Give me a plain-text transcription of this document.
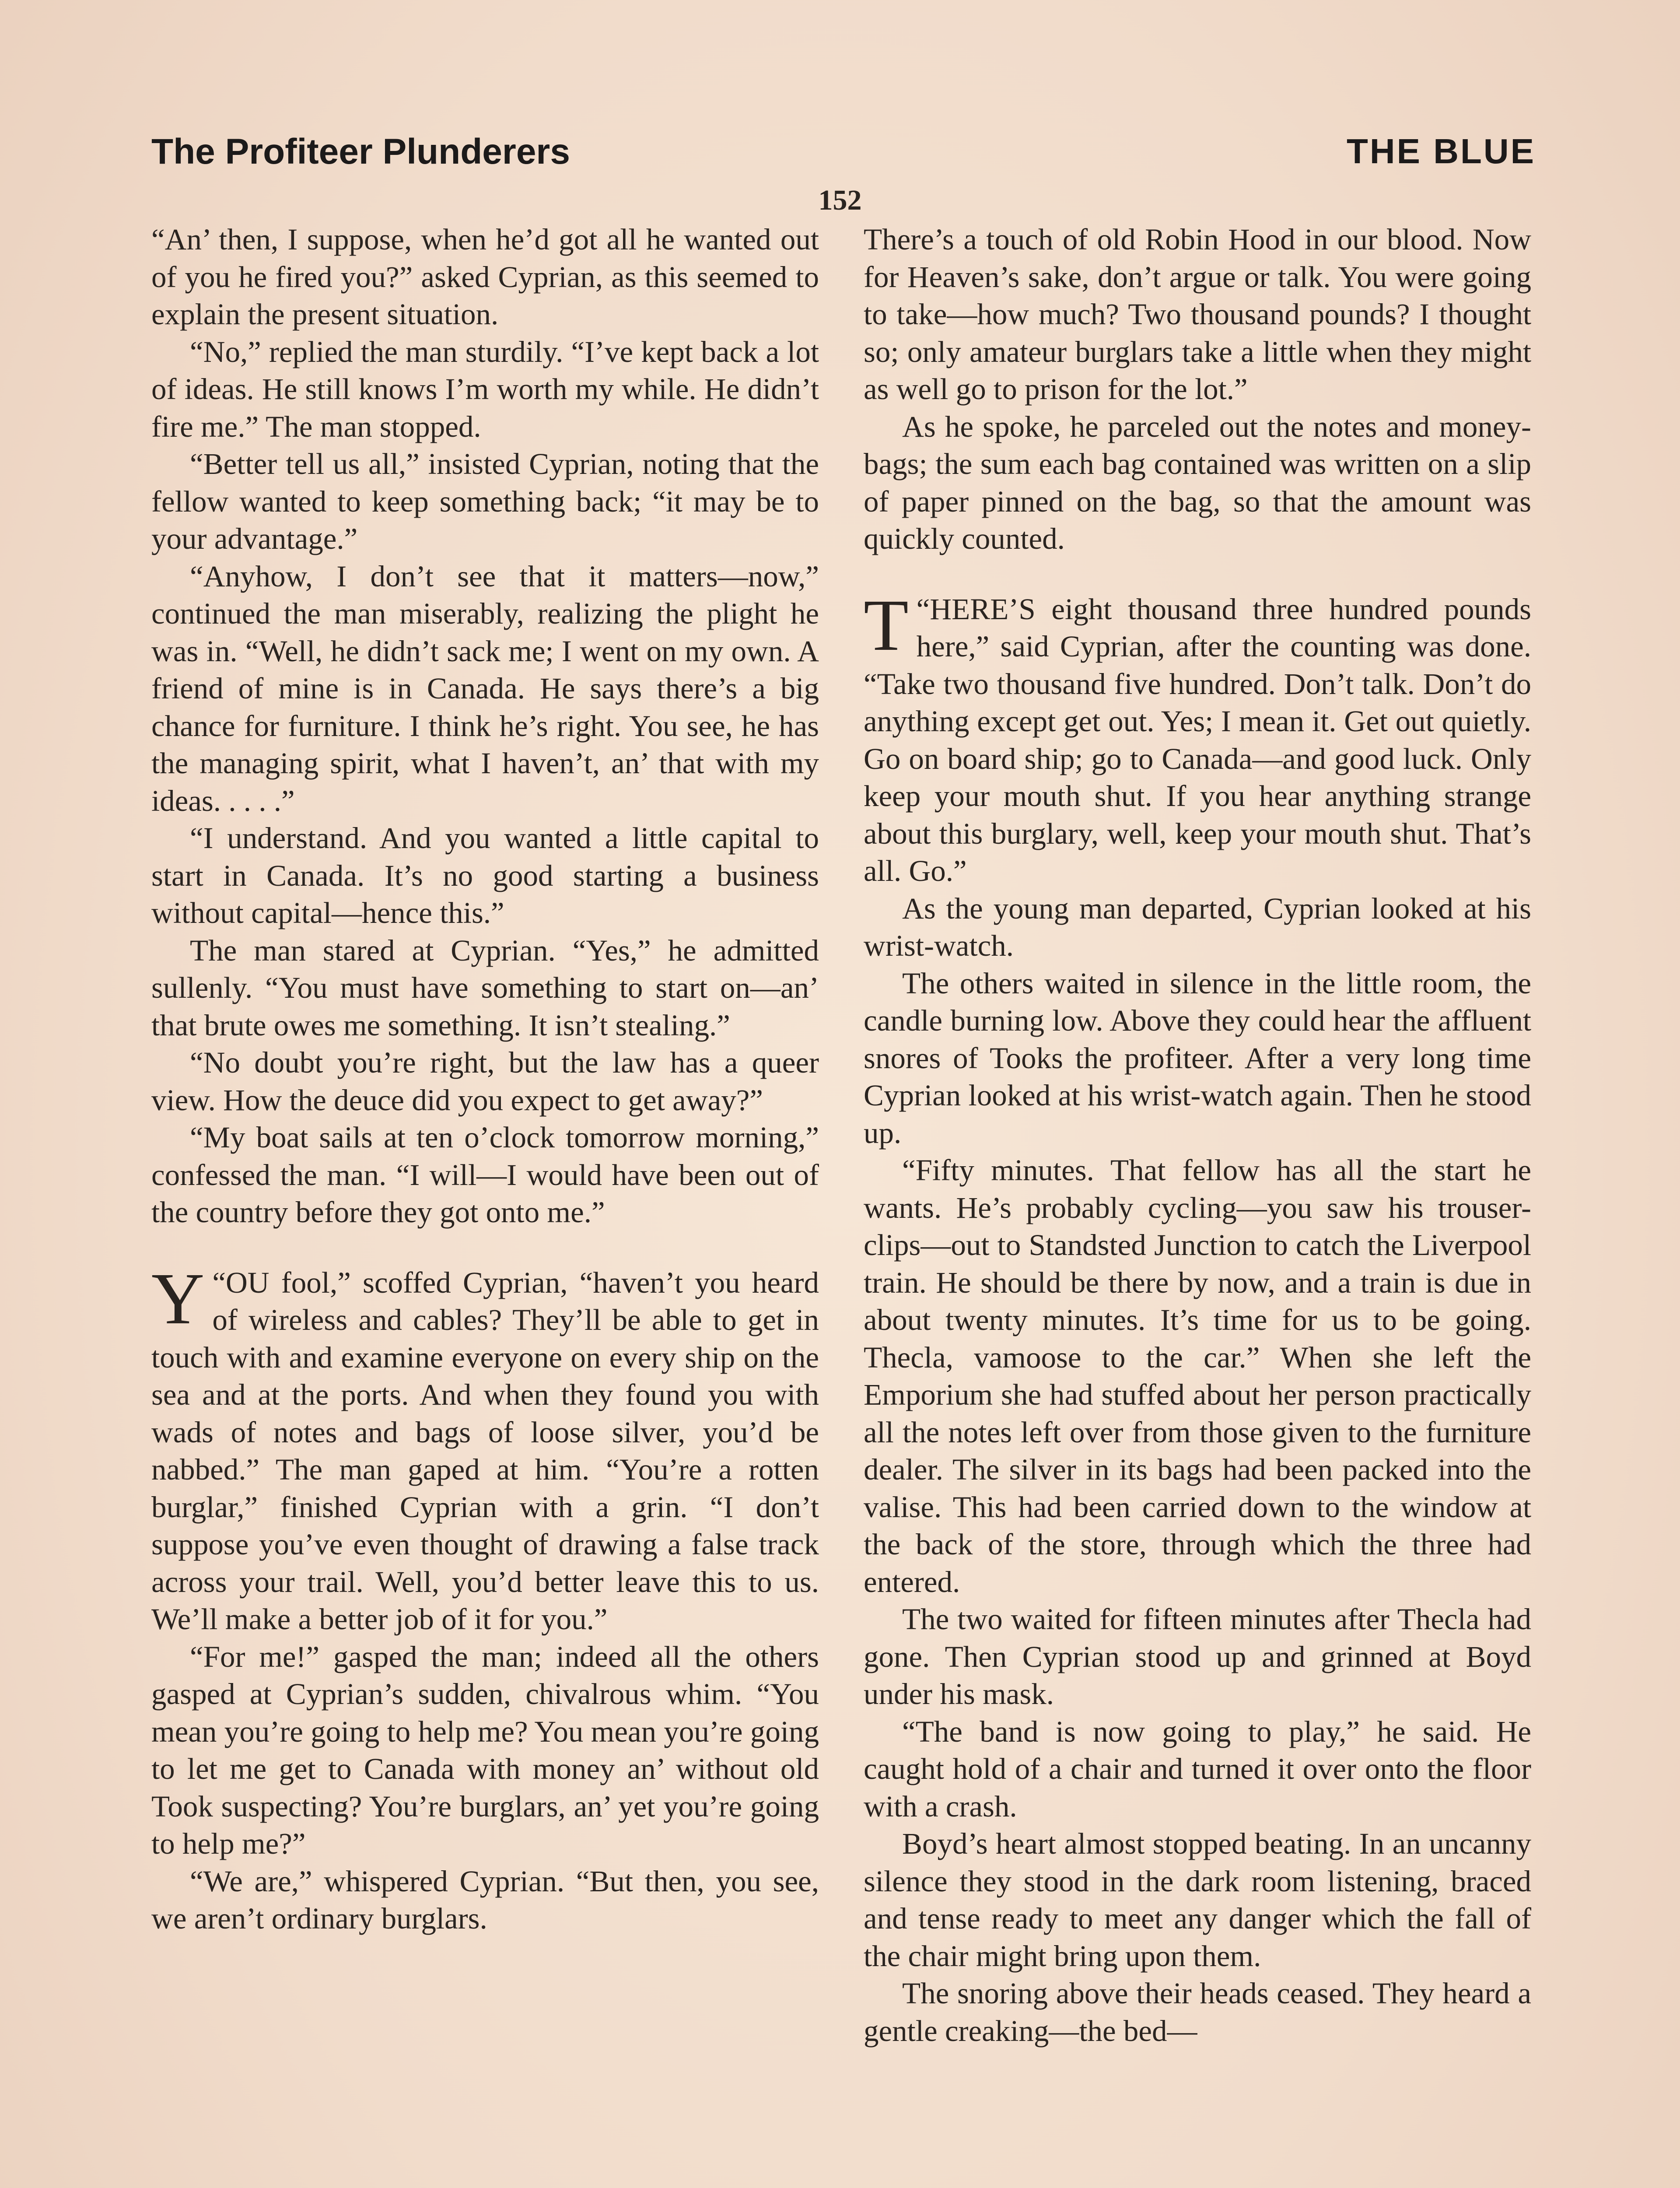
The Profiteer Plunderers	THE BLUE
152

“An’ then, I suppose, when he’d got all he wanted out of you he fired you?” asked Cyprian, as this seemed to explain the present situation.

“No,” replied the man sturdily. “I’ve kept back a lot of ideas. He still knows I’m worth my while. He didn’t fire me.” The man stopped.

“Better tell us all,” insisted Cyprian, noting that the fellow wanted to keep something back; “it may be to your advantage.”

“Anyhow, I don’t see that it matters—now,” continued the man miserably, realizing the plight he was in. “Well, he didn’t sack me; I went on my own. A friend of mine is in Canada. He says there’s a big chance for furniture. I think he’s right. You see, he has the managing spirit, what I haven’t, an’ that with my ideas. . . . .”

“I understand. And you wanted a little capital to start in Canada. It’s no good starting a business without capital—hence this.”

The man stared at Cyprian. “Yes,” he admitted sullenly. “You must have something to start on—an’ that brute owes me something. It isn’t stealing.”

“No doubt you’re right, but the law has a queer view. How the deuce did you expect to get away?”

“My boat sails at ten o’clock tomorrow morning,” confessed the man. “I will—I would have been out of the country before they got onto me.”

“
Y OU fool,” scoffed Cyprian, “haven’t you heard of wireless and cables? They’ll be able to get in touch with and examine everyone on every ship on the sea and at the ports. And when they found you with wads of notes and bags of loose silver, you’d be nabbed.” The man gaped at him. “You’re a rotten burglar,” finished Cyprian with a grin. “I don’t suppose you’ve even thought of drawing a false track across your trail. Well, you’d better leave this to us. We’ll make a better job of it for you.”

“For me!” gasped the man; indeed all the others gasped at Cyprian’s sudden, chivalrous whim. “You mean you’re going to help me? You mean you’re going to let me get to Canada with money an’ without old Took suspecting? You’re burglars, an’ yet you’re going to help me?”

“We are,” whispered Cyprian. “But then, you see, we aren’t ordinary burglars.

There’s a touch of old Robin Hood in our blood. Now for Heaven’s sake, don’t argue or talk. You were going to take—how much? Two thousand pounds? I thought so; only amateur burglars take a little when they might as well go to prison for the lot.”

As he spoke, he parceled out the notes and money-bags; the sum each bag contained was written on a slip of paper pinned on the bag, so that the amount was quickly counted.

“
T HERE’S eight thousand three hundred pounds here,” said Cyprian, after the counting was done. “Take two thousand five hundred. Don’t talk. Don’t do anything except get out. Yes; I mean it. Get out quietly. Go on board ship; go to Canada—and good luck. Only keep your mouth shut. If you hear anything strange about this burglary, well, keep your mouth shut. That’s all. Go.”

As the young man departed, Cyprian looked at his wrist-watch.

The others waited in silence in the little room, the candle burning low. Above they could hear the affluent snores of Tooks the profiteer. After a very long time Cyprian looked at his wrist-watch again. Then he stood up.

“Fifty minutes. That fellow has all the start he wants. He’s probably cycling—you saw his trouser-clips—out to Standsted Junction to catch the Liverpool train. He should be there by now, and a train is due in about twenty minutes. It’s time for us to be going. Thecla, vamoose to the car.” When she left the Emporium she had stuffed about her person practically all the notes left over from those given to the furniture dealer. The silver in its bags had been packed into the valise. This had been carried down to the window at the back of the store, through which the three had entered.

The two waited for fifteen minutes after Thecla had gone. Then Cyprian stood up and grinned at Boyd under his mask.

“The band is now going to play,” he said. He caught hold of a chair and turned it over onto the floor with a crash.

Boyd’s heart almost stopped beating. In an uncanny silence they stood in the dark room listening, braced and tense ready to meet any danger which the fall of the chair might bring upon them.

The snoring above their heads ceased. They heard a gentle creaking—the bed—
